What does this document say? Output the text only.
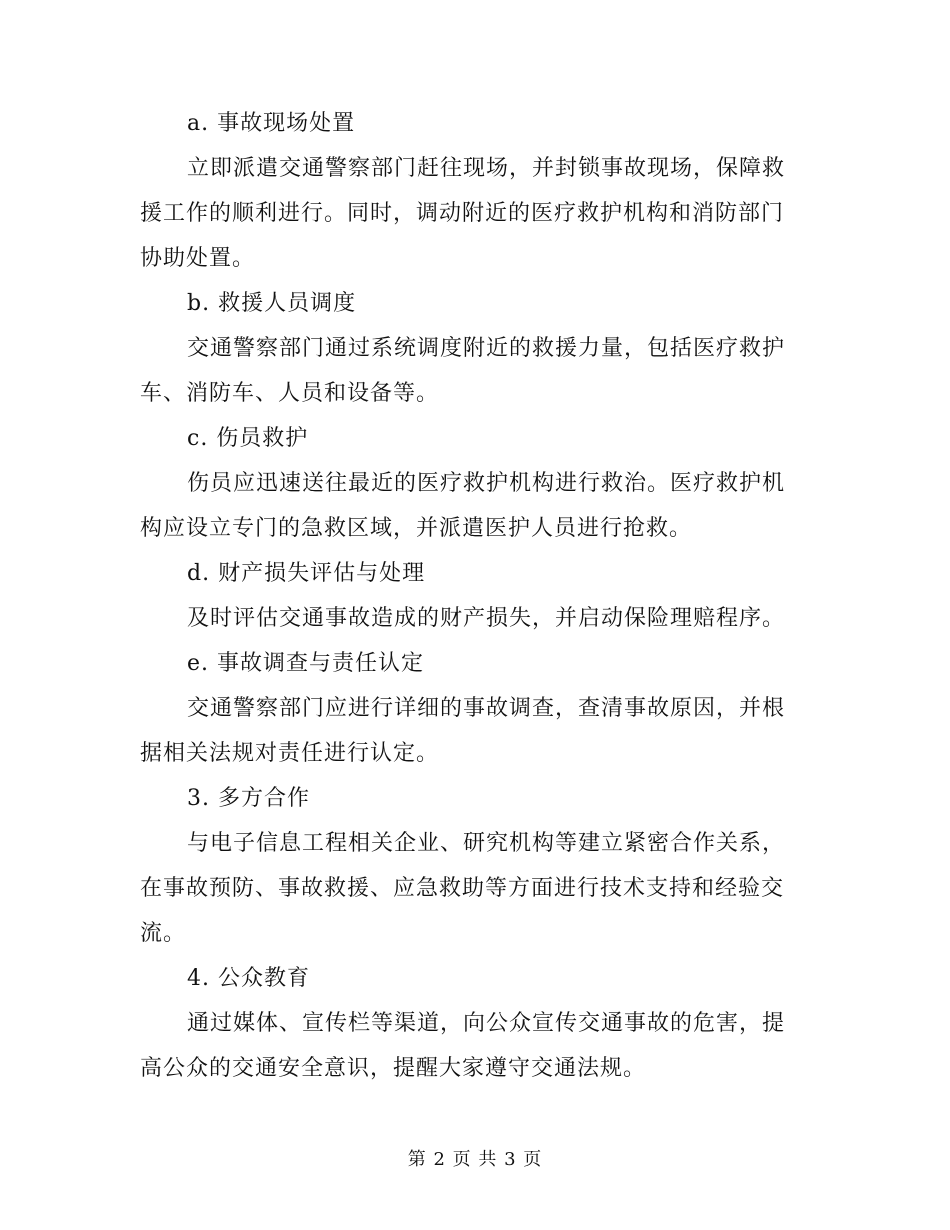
a. 事故现场处置
立即派遣交通警察部门赶往现场，并封锁事故现场，保障救
援工作的顺利进行。同时，调动附近的医疗救护机构和消防部门
协助处置。
b. 救援人员调度
交通警察部门通过系统调度附近的救援力量，包括医疗救护
车、消防车、人员和设备等。
c. 伤员救护
伤员应迅速送往最近的医疗救护机构进行救治。医疗救护机
构应设立专门的急救区域，并派遣医护人员进行抢救。
d. 财产损失评估与处理
及时评估交通事故造成的财产损失，并启动保险理赔程序。
e. 事故调查与责任认定
交通警察部门应进行详细的事故调查，查清事故原因，并根
据相关法规对责任进行认定。
3. 多方合作
与电子信息工程相关企业、研究机构等建立紧密合作关系，
在事故预防、事故救援、应急救助等方面进行技术支持和经验交
流。
4. 公众教育
通过媒体、宣传栏等渠道，向公众宣传交通事故的危害，提
高公众的交通安全意识，提醒大家遵守交通法规。
第 2 页 共 3 页
